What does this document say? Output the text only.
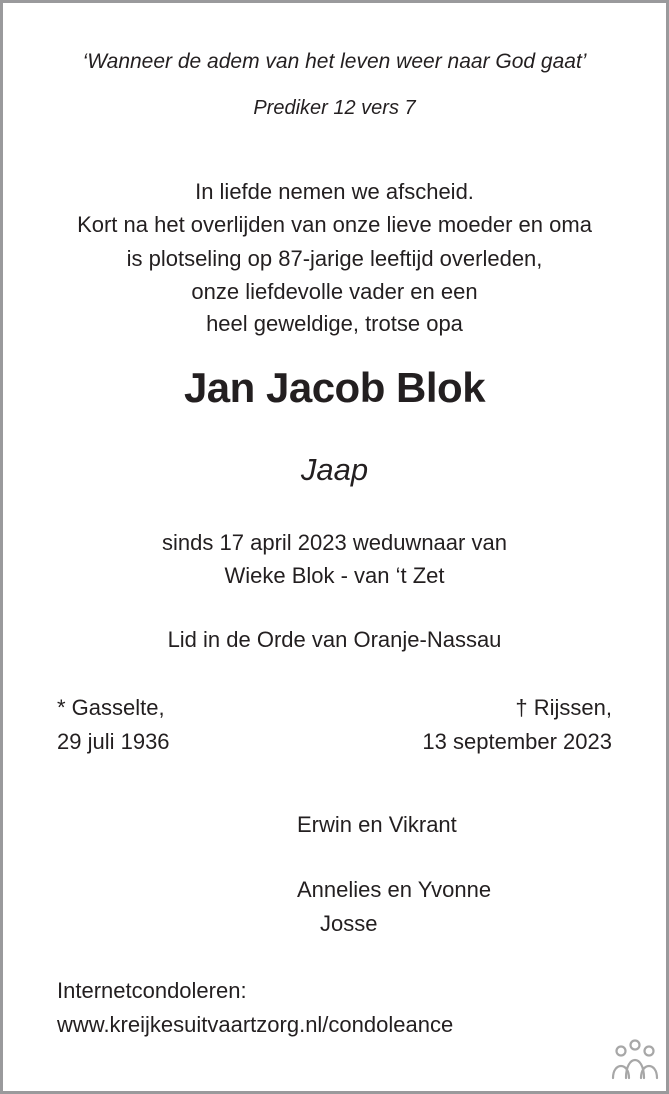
‘Wanneer de adem van het leven weer naar God gaat’
Prediker 12 vers 7
In liefde nemen we afscheid.
Kort na het overlijden van onze lieve moeder en oma
is plotseling op 87-jarige leeftijd overleden,
onze liefdevolle vader en een
heel geweldige, trotse opa
Jan Jacob Blok
Jaap
sinds 17 april 2023 weduwnaar van
Wieke Blok - van ‘t Zet
Lid in de Orde van Oranje-Nassau
* Gasselte,
29 juli 1936
† Rijssen,
13 september 2023
Erwin en Vikrant
Annelies en Yvonne
Josse
Internetcondoleren:
www.kreijkesuitvaartzorg.nl/condoleance
